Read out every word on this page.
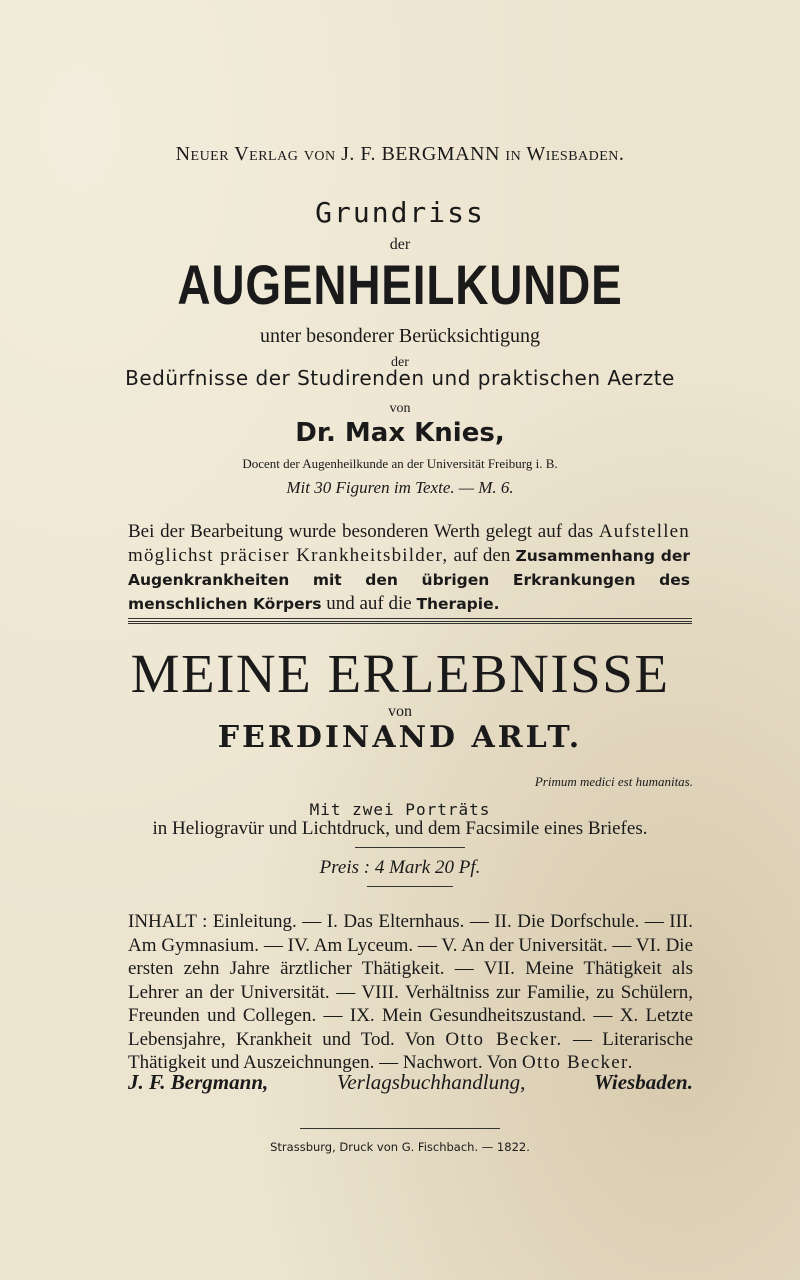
Neuer Verlag von J. F. BERGMANN in Wiesbaden.
Grundriss
der
AUGENHEILKUNDE
unter besonderer Berücksichtigung
der
Bedürfnisse der Studirenden und praktischen Aerzte
von
Dr. Max Knies,
Docent der Augenheilkunde an der Universität Freiburg i. B.
Mit 30 Figuren im Texte. — M. 6.
Bei der Bearbeitung wurde besonderen Werth gelegt auf das Aufstellen möglichst präciser Krankheitsbilder, auf den Zusammenhang der Augenkrankheiten mit den übrigen Erkrankungen des menschlichen Körpers und auf die Therapie.
MEINE ERLEBNISSE
von
FERDINAND ARLT.
Primum medici est humanitas.
Mit zwei Porträts
in Heliogravür und Lichtdruck, und dem Facsimile eines Briefes.
Preis : 4 Mark 20 Pf.
INHALT : Einleitung. — I. Das Elternhaus. — II. Die Dorfschule. — III. Am Gymnasium. — IV. Am Lyceum. — V. An der Universität. — VI. Die ersten zehn Jahre ärztlicher Thätigkeit. — VII. Meine Thätigkeit als Lehrer an der Universität. — VIII. Verhältniss zur Familie, zu Schülern, Freunden und Collegen. — IX. Mein Gesundheitszustand. — X. Letzte Lebensjahre, Krankheit und Tod. Von Otto Becker. — Literarische Thätigkeit und Auszeichnungen. — Nachwort. Von Otto Becker.
J. F. Bergmann,	Verlagsbuchhandlung,	Wiesbaden.
Strassburg, Druck von G. Fischbach. — 1822.
